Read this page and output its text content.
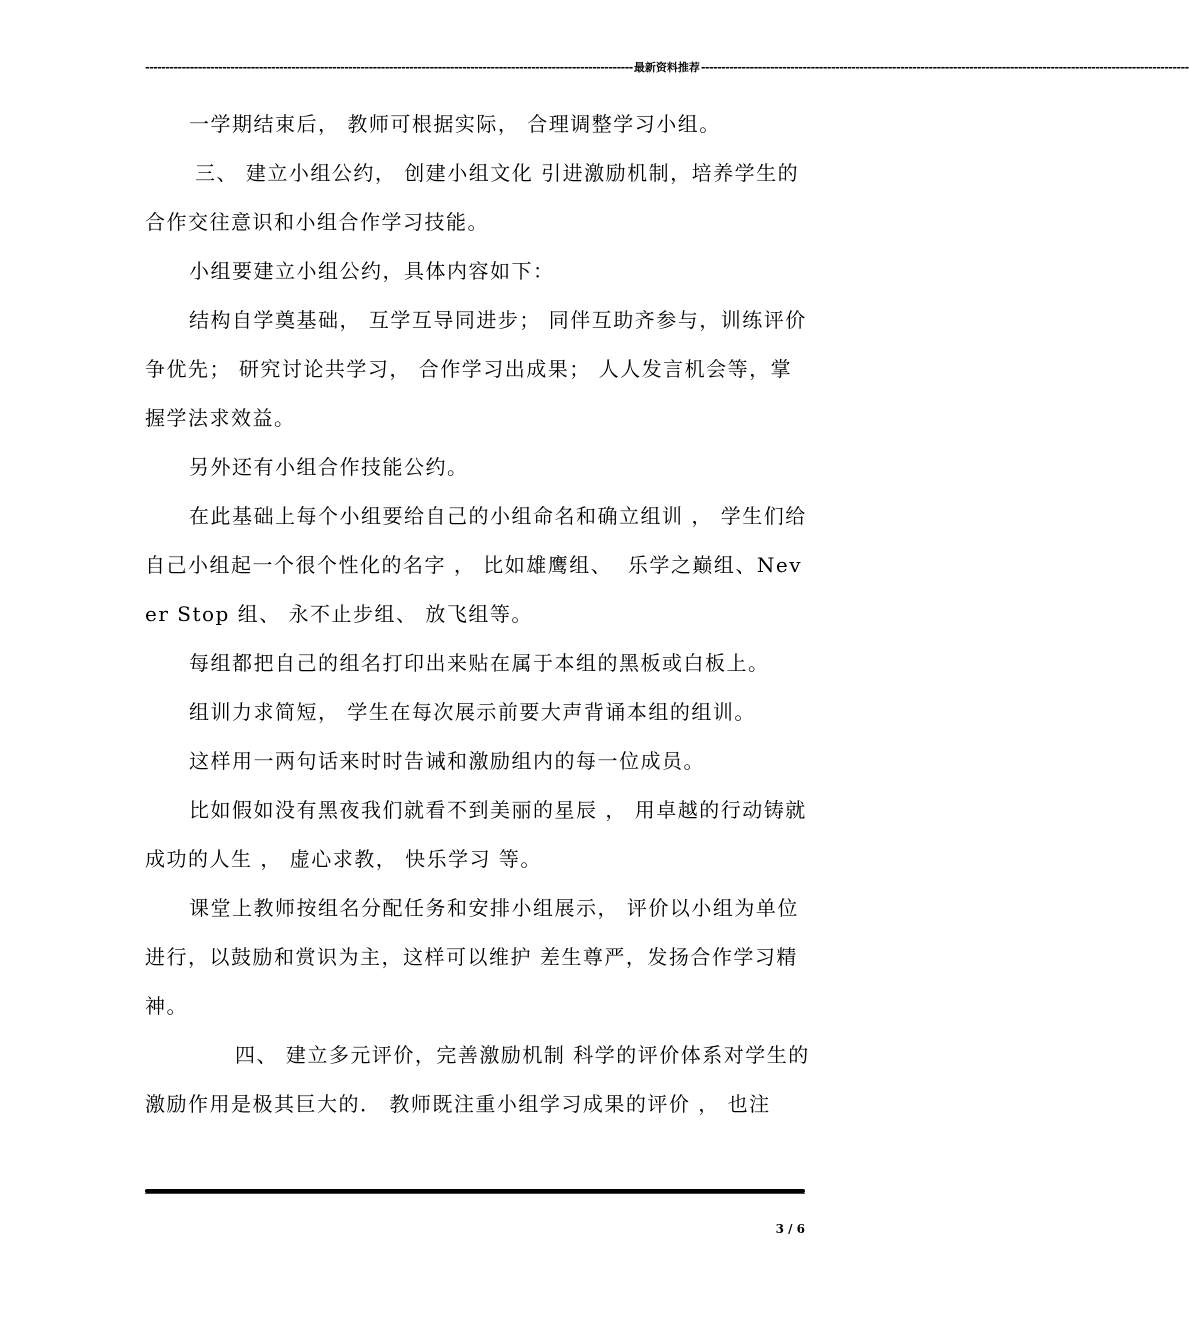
------------------------------------------------------------------------------------------------------------------------ 最新资料推荐 ------------------------------------------------------------------------------------------------------------------------

一学期结束后， 教师可根据实际， 合理调整学习小组。

三、 建立小组公约， 创建小组文化 引进激励机制，培养学生的合作交往意识和小组合作学习技能。

小组要建立小组公约，具体内容如下：

结构自学奠基础， 互学互导同进步； 同伴互助齐参与，训练评价争优先； 研究讨论共学习， 合作学习出成果； 人人发言机会等，掌握学法求效益。

另外还有小组合作技能公约。

在此基础上每个小组要给自己的小组命名和确立组训 ， 学生们给自己小组起一个很个性化的名字 ， 比如雄鹰组、  乐学之巅组、Never Stop 组、 永不止步组、 放飞组等。

每组都把自己的组名打印出来贴在属于本组的黑板或白板上。

组训力求简短， 学生在每次展示前要大声背诵本组的组训。

这样用一两句话来时时告诫和激励组内的每一位成员。

比如假如没有黑夜我们就看不到美丽的星辰 ， 用卓越的行动铸就成功的人生 ， 虚心求教， 快乐学习 等。

课堂上教师按组名分配任务和安排小组展示， 评价以小组为单位进行，以鼓励和赏识为主，这样可以维护 差生尊严，发扬合作学习精神。

四、 建立多元评价，完善激励机制 科学的评价体系对学生的激励作用是极其巨大的． 教师既注重小组学习成果的评价 ， 也注

3 / 6
